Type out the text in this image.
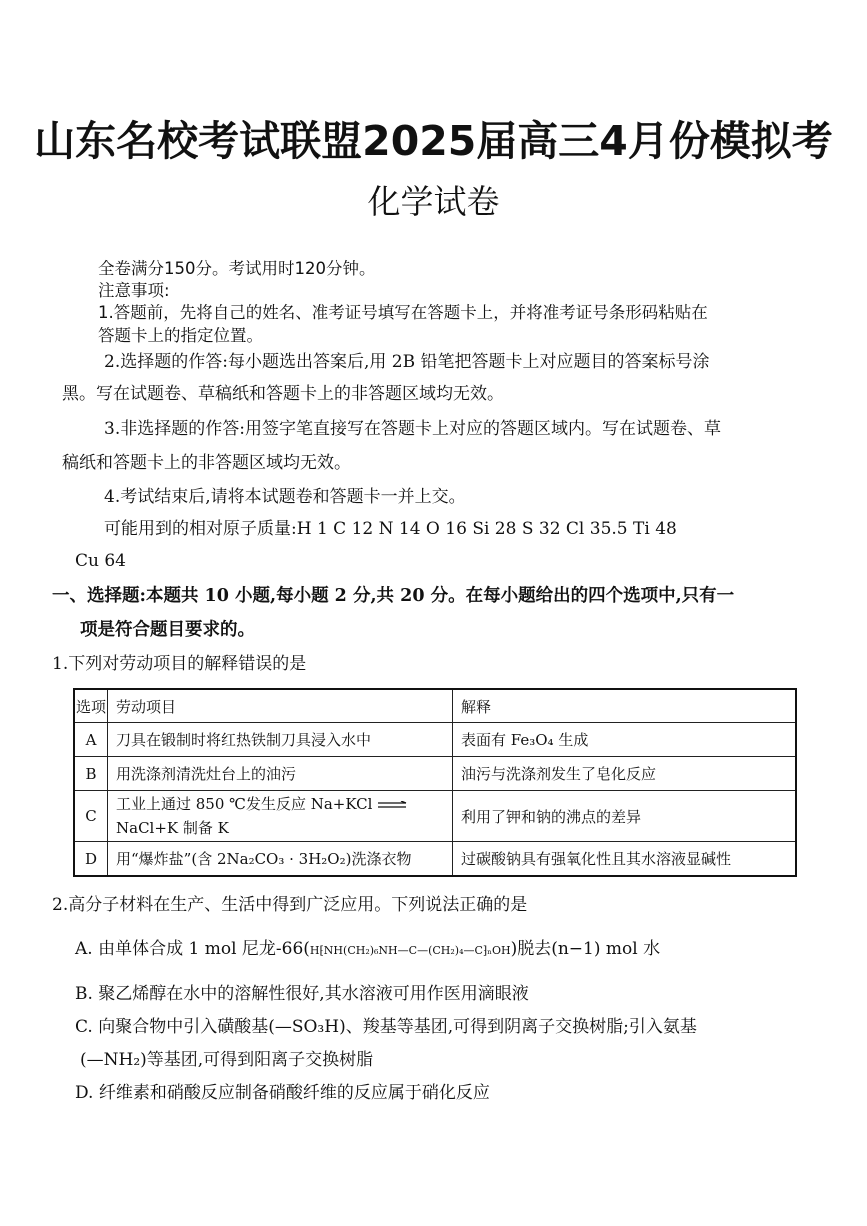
山东名校考试联盟2025届高三4月份模拟考
化学试卷
全卷满分150分。考试用时120分钟。
注意事项:
1.答题前，先将自己的姓名、准考证号填写在答题卡上，并将准考证号条形码粘贴在
答题卡上的指定位置。
2.选择题的作答:每小题选出答案后,用 2B 铅笔把答题卡上对应题目的答案标号涂
黑。写在试题卷、草稿纸和答题卡上的非答题区域均无效。
3.非选择题的作答:用签字笔直接写在答题卡上对应的答题区域内。写在试题卷、草
稿纸和答题卡上的非答题区域均无效。
4.考试结束后,请将本试题卷和答题卡一并上交。
可能用到的相对原子质量:H 1 C 12 N 14 O 16 Si 28 S 32 Cl 35.5 Ti 48
Cu 64
一、选择题:本题共 10 小题,每小题 2 分,共 20 分。在每小题给出的四个选项中,只有一
项是符合题目要求的。
1.下列对劳动项目的解释错误的是
选项	劳动项目	解释
A	刀具在锻制时将红热铁制刀具浸入水中	表面有 Fe₃O₄ 生成
B	用洗涤剂清洗灶台上的油污	油污与洗涤剂发生了皂化反应
C	工业上通过 850 ℃发生反应 Na+KCl
NaCl+K 制备 K	利用了钾和钠的沸点的差异
D	用“爆炸盐”(含 2Na₂CO₃ · 3H₂O₂)洗涤衣物	过碳酸钠具有强氧化性且其水溶液显碱性
2.高分子材料在生产、生活中得到广泛应用。下列说法正确的是
A. 由单体合成 1 mol 尼龙-66(H⁅NH(CH₂)₆NH—C—(CH₂)₄—C⁆ₙOH)脱去(n−1) mol 水
B. 聚乙烯醇在水中的溶解性很好,其水溶液可用作医用滴眼液
C. 向聚合物中引入磺酸基(—SO₃H)、羧基等基团,可得到阴离子交换树脂;引入氨基
(—NH₂)等基团,可得到阳离子交换树脂
D. 纤维素和硝酸反应制备硝酸纤维的反应属于硝化反应
